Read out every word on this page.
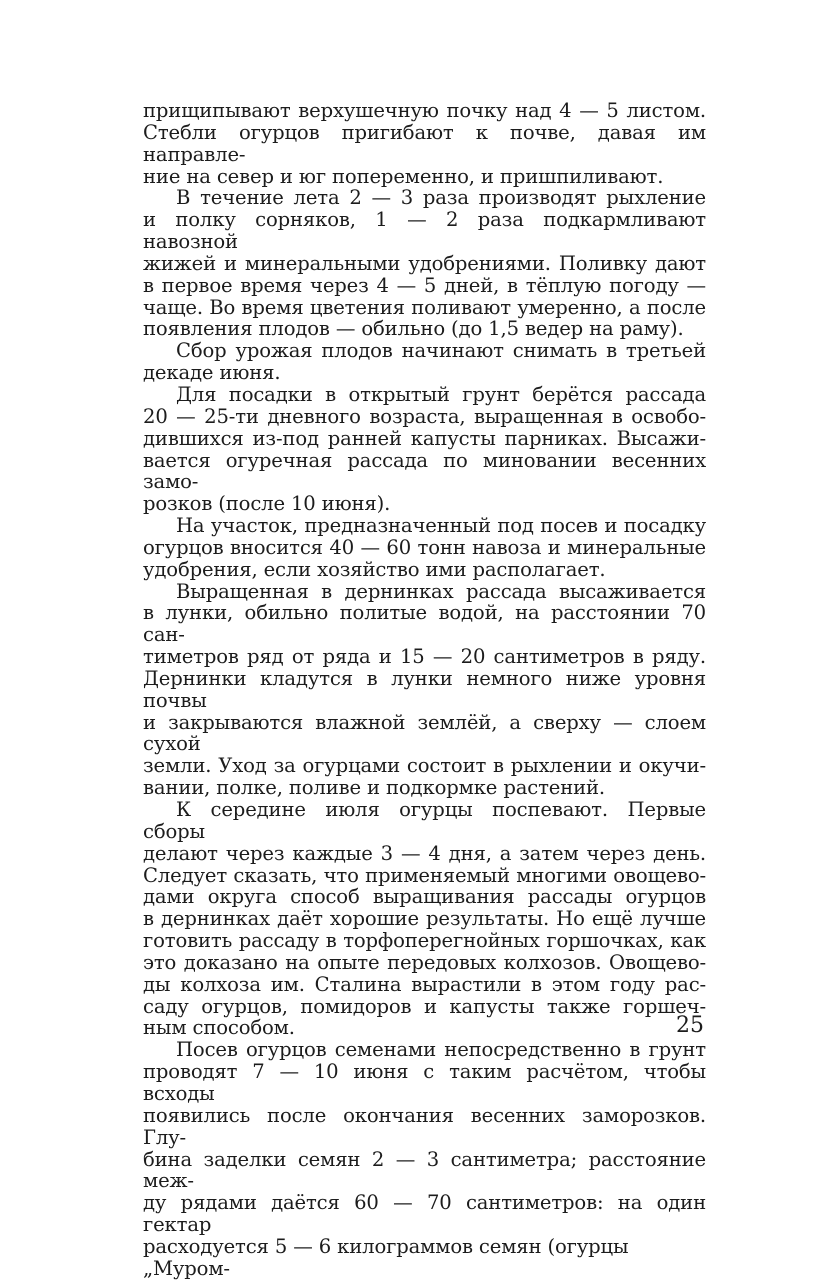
прищипывают верхушечную почку над 4 — 5 листом.
Стебли огурцов пригибают к почве, давая им направле-
ние на север и юг попеременно, и пришпиливают.
В течение лета 2 — 3 раза производят рыхление
и полку сорняков, 1 — 2 раза подкармливают навозной
жижей и минеральными удобрениями. Поливку дают
в первое время через 4 — 5 дней, в тёплую погоду —
чаще. Во время цветения поливают умеренно, а после
появления плодов — обильно (до 1,5 ведер на раму).
Сбор урожая плодов начинают снимать в третьей
декаде июня.
Для посадки в открытый грунт берётся рассада
20 — 25-ти дневного возраста, выращенная в освобо-
дившихся из-под ранней капусты парниках. Высажи-
вается огуречная рассада по миновании весенних замо-
розков (после 10 июня).
На участок, предназначенный под посев и посадку
огурцов вносится 40 — 60 тонн навоза и минеральные
удобрения, если хозяйство ими располагает.
Выращенная в дернинках рассада высаживается
в лунки, обильно политые водой, на расстоянии 70 сан-
тиметров ряд от ряда и 15 — 20 сантиметров в ряду.
Дернинки кладутся в лунки немного ниже уровня почвы
и закрываются влажной землёй, а сверху — слоем сухой
земли. Уход за огурцами состоит в рыхлении и окучи-
вании, полке, поливе и подкормке растений.
К середине июля огурцы поспевают. Первые сборы
делают через каждые 3 — 4 дня, а затем через день.
Следует сказать, что применяемый многими овощево-
дами округа способ выращивания рассады огурцов
в дернинках даёт хорошие результаты. Но ещё лучше
готовить рассаду в торфоперегнойных горшочках, как
это доказано на опыте передовых колхозов. Овощево-
ды колхоза им. Сталина вырастили в этом году рас-
саду огурцов, помидоров и капусты также горшеч-
ным способом.
Посев огурцов семенами непосредственно в грунт
проводят 7 — 10 июня с таким расчётом, чтобы всходы
появились после окончания весенних заморозков. Глу-
бина заделки семян 2 — 3 сантиметра; расстояние меж-
ду рядами даётся 60 — 70 сантиметров: на один гектар
расходуется 5 — 6 килограммов семян (огурцы „Муром-
25
